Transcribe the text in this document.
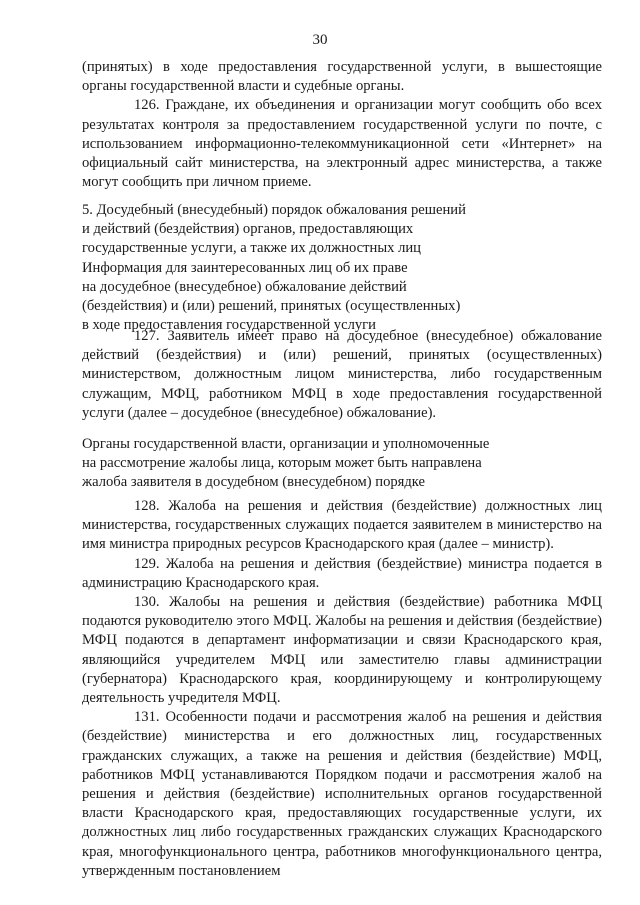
30

(принятых) в ходе предоставления государственной услуги, в вышестоящие органы государственной власти и судебные органы.

126. Граждане, их объединения и организации могут сообщить обо всех результатах контроля за предоставлением государственной услуги по почте, с использованием информационно-телекоммуникационной сети «Интернет» на официальный сайт министерства, на электронный адрес министерства, а также могут сообщить при личном приеме.

5. Досудебный (внесудебный) порядок обжалования решений
и действий (бездействия) органов, предоставляющих
государственные услуги, а также их должностных лиц
Информация для заинтересованных лиц об их праве
на досудебное (внесудебное) обжалование действий
(бездействия) и (или) решений, принятых (осуществленных)
в ходе предоставления государственной услуги

127. Заявитель имеет право на досудебное (внесудебное) обжалование действий (бездействия) и (или) решений, принятых (осуществленных) министерством, должностным лицом министерства, либо государственным служащим, МФЦ, работником МФЦ в ходе предоставления государственной услуги (далее – досудебное (внесудебное) обжалование).

Органы государственной власти, организации и уполномоченные
на рассмотрение жалобы лица, которым может быть направлена
жалоба заявителя в досудебном (внесудебном) порядке

128. Жалоба на решения и действия (бездействие) должностных лиц министерства, государственных служащих подается заявителем в министерство на имя министра природных ресурсов Краснодарского края (далее – министр).

129. Жалоба на решения и действия (бездействие) министра подается в администрацию Краснодарского края.

130. Жалобы на решения и действия (бездействие) работника МФЦ подаются руководителю этого МФЦ. Жалобы на решения и действия (бездействие) МФЦ подаются в департамент информатизации и связи Краснодарского края, являющийся учредителем МФЦ или заместителю главы администрации (губернатора) Краснодарского края, координирующему и контролирующему деятельность учредителя МФЦ.

131. Особенности подачи и рассмотрения жалоб на решения и действия (бездействие) министерства и его должностных лиц, государственных гражданских служащих, а также на решения и действия (бездействие) МФЦ, работников МФЦ устанавливаются Порядком подачи и рассмотрения жалоб на решения и действия (бездействие) исполнительных органов государственной власти Краснодарского края, предоставляющих государственные услуги, их должностных лиц либо государственных гражданских служащих Краснодарского края, многофункционального центра, работников многофункционального центра, утвержденным постановлением
